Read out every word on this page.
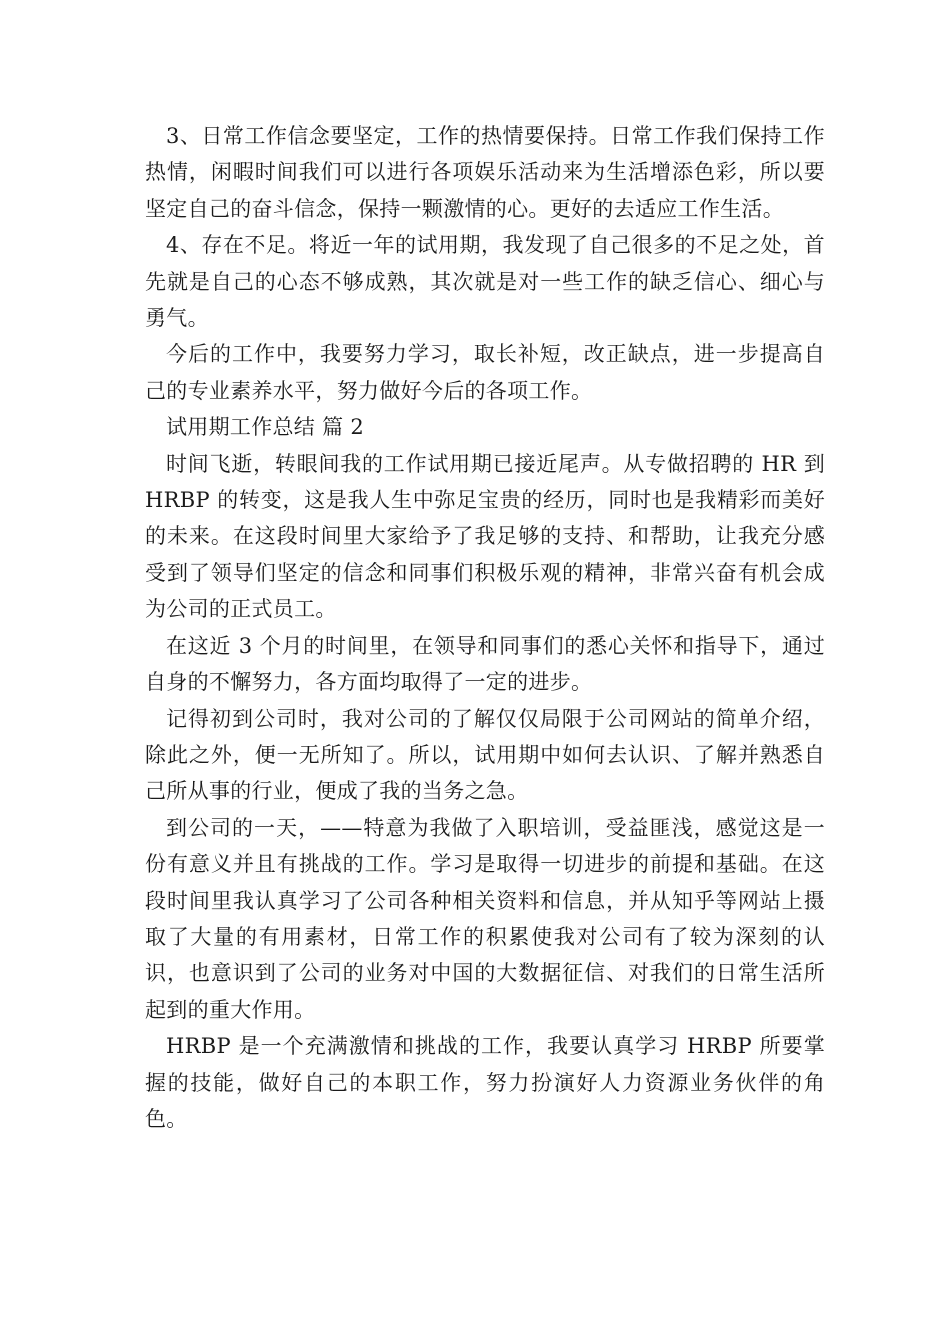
3、日常工作信念要坚定，工作的热情要保持。日常工作我们保持工作热情，闲暇时间我们可以进行各项娱乐活动来为生活增添色彩，所以要坚定自己的奋斗信念，保持一颗激情的心。更好的去适应工作生活。

4、存在不足。将近一年的试用期，我发现了自己很多的不足之处，首先就是自己的心态不够成熟，其次就是对一些工作的缺乏信心、细心与勇气。

今后的工作中，我要努力学习，取长补短，改正缺点，进一步提高自己的专业素养水平，努力做好今后的各项工作。

试用期工作总结 篇 2

时间飞逝，转眼间我的工作试用期已接近尾声。从专做招聘的 HR 到 HRBP 的转变，这是我人生中弥足宝贵的经历，同时也是我精彩而美好的未来。在这段时间里大家给予了我足够的支持、和帮助，让我充分感受到了领导们坚定的信念和同事们积极乐观的精神，非常兴奋有机会成为公司的正式员工。

在这近 3 个月的时间里，在领导和同事们的悉心关怀和指导下，通过自身的不懈努力，各方面均取得了一定的进步。

记得初到公司时，我对公司的了解仅仅局限于公司网站的简单介绍，除此之外，便一无所知了。所以，试用期中如何去认识、了解并熟悉自己所从事的行业，便成了我的当务之急。

到公司的一天，——特意为我做了入职培训，受益匪浅，感觉这是一份有意义并且有挑战的工作。学习是取得一切进步的前提和基础。在这段时间里我认真学习了公司各种相关资料和信息，并从知乎等网站上摄取了大量的有用素材，日常工作的积累使我对公司有了较为深刻的认识，也意识到了公司的业务对中国的大数据征信、对我们的日常生活所起到的重大作用。

HRBP 是一个充满激情和挑战的工作，我要认真学习 HRBP 所要掌握的技能，做好自己的本职工作，努力扮演好人力资源业务伙伴的角色。
